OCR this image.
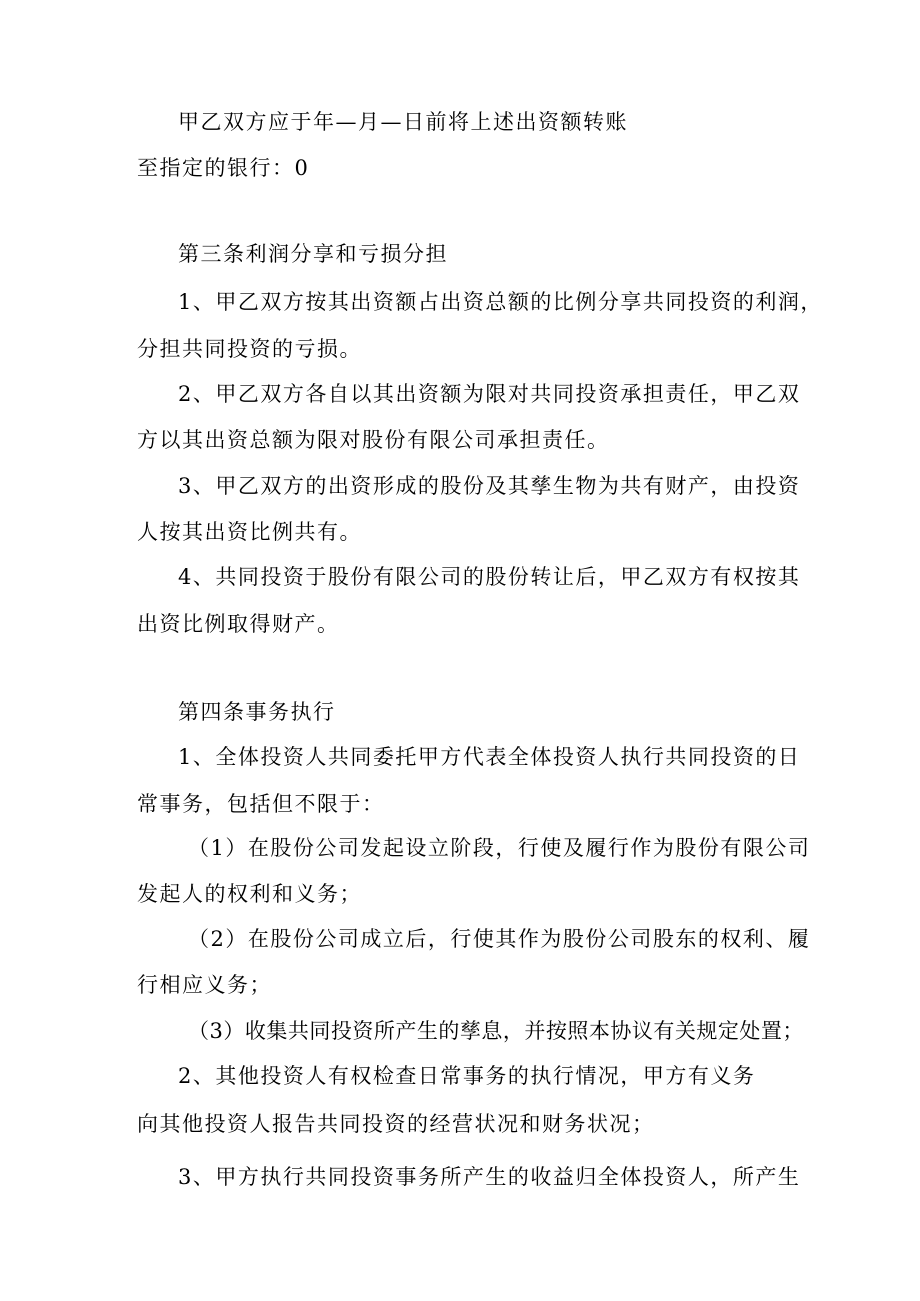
甲乙双方应于年—月—日前将上述出资额转账
至指定的银行：0
第三条利润分享和亏损分担
1、甲乙双方按其出资额占出资总额的比例分享共同投资的利润，
分担共同投资的亏损。
2、甲乙双方各自以其出资额为限对共同投资承担责任，甲乙双
方以其出资总额为限对股份有限公司承担责任。
3、甲乙双方的出资形成的股份及其孳生物为共有财产，由投资
人按其出资比例共有。
4、共同投资于股份有限公司的股份转让后，甲乙双方有权按其
出资比例取得财产。
第四条事务执行
1、全体投资人共同委托甲方代表全体投资人执行共同投资的日
常事务，包括但不限于：
（1）在股份公司发起设立阶段，行使及履行作为股份有限公司
发起人的权利和义务；
（2）在股份公司成立后，行使其作为股份公司股东的权利、履
行相应义务；
（3）收集共同投资所产生的孳息，并按照本协议有关规定处置；
2、其他投资人有权检查日常事务的执行情况，甲方有义务
向其他投资人报告共同投资的经营状况和财务状况；
3、甲方执行共同投资事务所产生的收益归全体投资人，所产生
